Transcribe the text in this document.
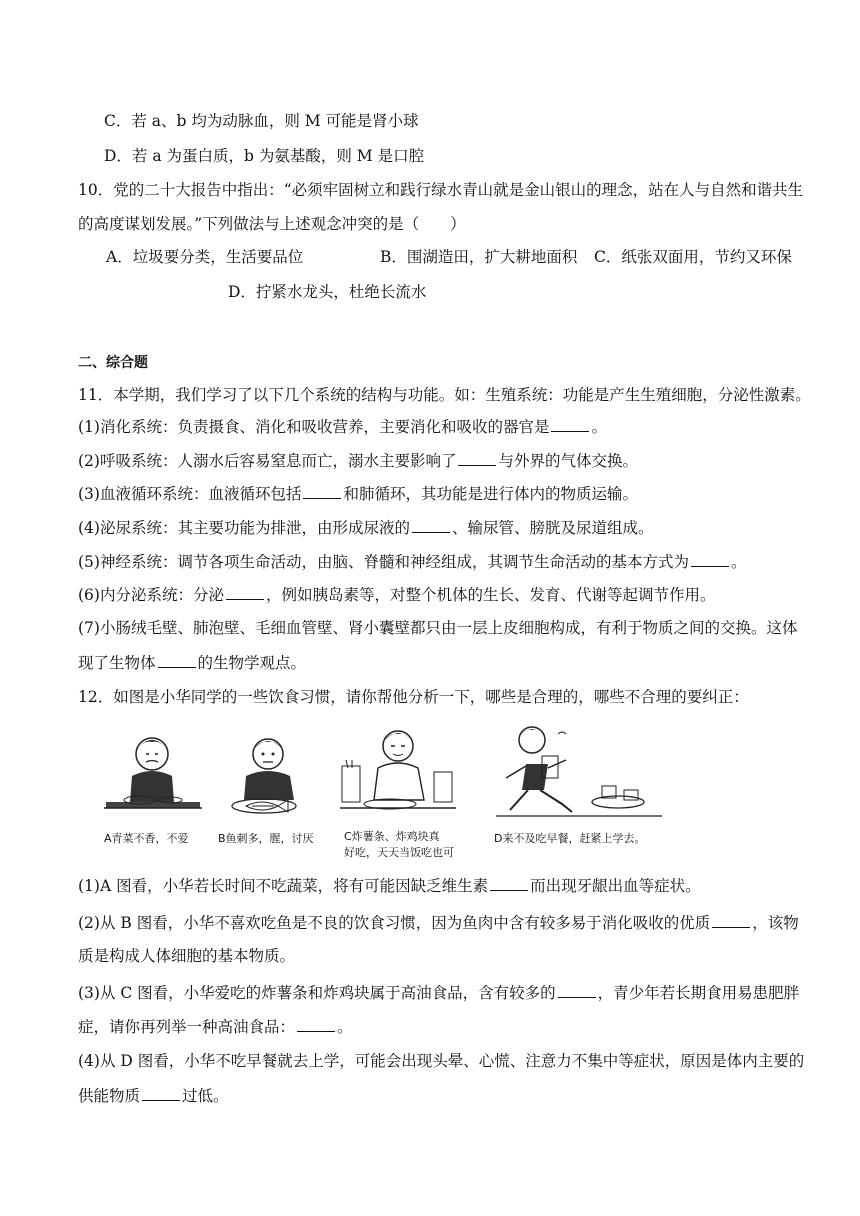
C．若 a、b 均为动脉血，则 M 可能是肾小球
D．若 a 为蛋白质，b 为氨基酸，则 M 是口腔
10．党的二十大报告中指出：“必须牢固树立和践行绿水青山就是金山银山的理念，站在人与自然和谐共生
的高度谋划发展。”下列做法与上述观念冲突的是（　　）
A．垃圾要分类，生活要品位	B．围湖造田，扩大耕地面积 C．纸张双面用，节约又环保
D．拧紧水龙头，杜绝长流水
二、综合题
11．本学期，我们学习了以下几个系统的结构与功能。如：生殖系统：功能是产生生殖细胞，分泌性激素。
(1)消化系统：负责摄食、消化和吸收营养，主要消化和吸收的器官是	。
(2)呼吸系统：人溺水后容易窒息而亡，溺水主要影响了	与外界的气体交换。
(3)血液循环系统：血液循环包括	和肺循环，其功能是进行体内的物质运输。
(4)泌尿系统：其主要功能为排泄，由形成尿液的	、输尿管、膀胱及尿道组成。
(5)神经系统：调节各项生命活动，由脑、脊髓和神经组成，其调节生命活动的基本方式为	。
(6)内分泌系统：分泌	，例如胰岛素等，对整个机体的生长、发育、代谢等起调节作用。
(7)小肠绒毛壁、肺泡壁、毛细血管壁、肾小囊壁都只由一层上皮细胞构成，有利于物质之间的交换。这体
现了生物体	的生物学观点。
12．如图是小华同学的一些饮食习惯，请你帮他分析一下，哪些是合理的，哪些不合理的要纠正：
A青菜不香，不爱	B鱼刺多，腥，讨厌	C炸薯条、炸鸡块真
好吃，天天当饭吃也可
D来不及吃早餐，赶紧上学去。
(1)A 图看，小华若长时间不吃蔬菜，将有可能因缺乏维生素	而出现牙龈出血等症状。
(2)从 B 图看，小华不喜欢吃鱼是不良的饮食习惯，因为鱼肉中含有较多易于消化吸收的优质	，该物
质是构成人体细胞的基本物质。
(3)从 C 图看，小华爱吃的炸薯条和炸鸡块属于高油食品，含有较多的	，青少年若长期食用易患肥胖
症，请你再列举一种高油食品：	。
(4)从 D 图看，小华不吃早餐就去上学，可能会出现头晕、心慌、注意力不集中等症状，原因是体内主要的
供能物质	过低。
